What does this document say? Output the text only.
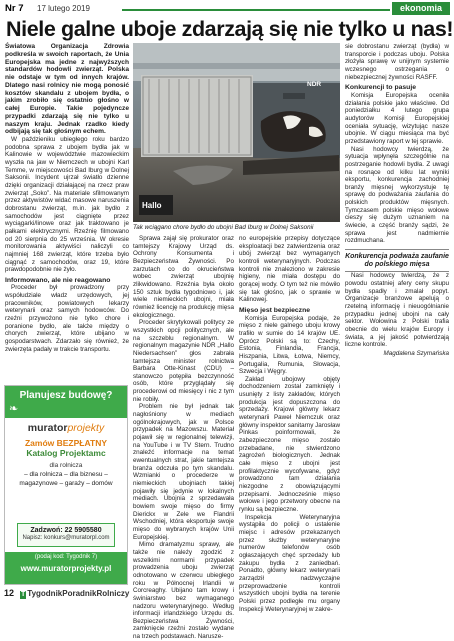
Nr 7 17 lutego 2019	ekonomia
Niele galne uboje zdarzają się nie tylko u nas!

Światowa Organizacja Zdrowia podkreśla w swoich raportach, że Unia Europejska ma jedne z najwyższych standardów hodowli zwierząt. Polska nie odstaje w tym od innych krajów. Dlatego nasi rolnicy nie mogą ponosić kosztów skandalu z ubojem bydła, o jakim zrobiło się ostatnio głośno w całej Europie. Takie pojedyncze przypadki zdarzają się nie tylko u naszym kraju. Jednak rzadko kiedy odbijają się tak głośnym echem.

W paździeniku ubiegłego roku bardzo podobna sprawa z ubojem bydła jak w Kalinowie w województwie mazowieckim wyszła na jaw w Niemczech w ubojni Karl Temme, w miejscowości Bad Iburg w Dolnej Saksonii. Incydent ujrzał światło dzienne dzięki organizacji działającej na rzecz praw zwierząt „Soko”. Na materiale sfilmowanym przez aktywistów widać masowe naruszenia dobrostanu zwierząt, m.in. jak bydło z samochodów jest ciągnięte przez wyciągarki/linowe oraz jak traktowano je pałkami elektrycznymi. Rzeźnię filmowano od 20 sierpnia do 25 września. W okresie monitorowania aktywiści naliczyli co najmniej 168 zwierząt, które trzeba było ciągnąć z samochodów, oraz 19, które prawdopodobnie nie żyło.

Informowano, ale nie reagowano

Proceder był prowadzony przy współudziale władz urzędowych, jej pracowników, powiatowych lekarzy weterynarii oraz samych hodowców. Do rzeźni przywożono nie tylko chore i poranione bydło, ale także między o chorych zwierząt, które ubijano w gospodarstwach. Zdarzało się również, że zwierzęta padały w trakcie transportu.

NDR
Hallo
Tak wciągano chore bydło do ubojni Bad Iburg w Dolnej Saksonii
Planujesz budowę?
❧
muratorprojekty
Zamów BEZPŁATNY
Katalog Projektamc
dla rolnicza
– dla rolnicza – dla biznesu – magazynowe – garaży – domów
Zadzwoń: 22 5905580
Napisz: konkurs@muratorpl.com
(podaj kod: Tygodnik 7)
www.muratorprojekty.pl

Sprawa zajął się prokurator oraz tamtejszy Krajowy Urząd ds. Ochrony Konsumenta i Bezpieczeństwa Żywności. Po zarzutach co do okrucieństwa wobec zwierząt ubojnię zlikwidowano. Rzeźnia była około 150 sztuk bydła tygodniowo i, jak wiele niemieckich ubojni, miała również licencję na produkcję mięsa ekologicznego.

Proceder skrytykowali politycy ze wszystkich opcji politycznych, ale na szczeblu regionalnym. W regionalnym magazynie NDR „Hallo Niedersachsen” głos zabrała tamtejsza minister rolnictwa Barbara Otte-Kinast (CDU) – stanowczo potępiła bezczynność osób, które przyglądały się procederowi od miesięcy i nic z tym nie robiły.

Problem nie był jednak tak nagłośniony w mediach ogólnokrajowych, jak w Polsce przypadek na Mazowszu. Materiał pojawił się w regionalnej telewizji, na YouTube i w TV Stern. Trudno znaleźć informacje na temat ewentualnych strat, jakie tamtejsza branża odczuła po tym skandalu. Wzmianki o procederze w niemieckich ubojniach takiej pojawiły się jedynie w lokalnych mediach. Ubojnia z sprzedawała bowiem swoje mięso do firmy Dierickx w Zele we Flandrii Wschodniej, która eksportuje swoje mięso do wybranych krajów Unii Europejskiej.

Mimo dramatyzmu sprawy, ale także nie należy zgodzić z wszelkimi normami przypadek prowadzenia uboju zwierząt odnotowano w czerwcu ubiegłego roku w Północnej Irlandii w Corcreaghy. Ubijano tam krowy i świniarstwo bez wymaganego nadzoru weterynaryjnego. Według informacji irlandzkiego Urzędu ds. Bezpieczeństwa Żywności, zamknięcie rzeźni zostało wydane na trzech podstawach. Narusze-

no europejskie przepisy dotyczące eksploatacji bez zatwierdzenia oraz ubój zwierząt bez wymaganych kontroli weterynaryjnych. Podczas kontroli nie znaleziono w zakresie higieny, nie miała dostępu do gorącej wody. O tym też nie mówiło się tak głośno, jak o sprawie w Kalinowej.

Mięso jest bezpieczne

Komisja Europejska podaje, że mięso z niele galnego uboju krowy trafiło w sumie do 14 krajów UE. Oprócz Polski są to: Czechy, Estonia, Finlandia, Francja, Hiszpania, Litwa, Łotwa, Niemcy, Portugalia, Rumunia, Słowacja, Szwecja i Węgry.

Zakład ubojowy objęty dochodzeniem został zamknięty i usunięty z listy zakładów, których produkcja jest dopuszczona do sprzedaży. Krajowi główny lekarz weterynarii Paweł Niemczuk oraz główny inspektor sanitarny Jarosław Pinkas poinformowali, że zabezpieczone mięso zostało przebadane, nie stwierdzono zagrożeń biologicznych. Jednak całe mięso z ubojni jest profilaktycznie wycofywane, gdyż prowadzono tam działania niezgodne z obowiązującymi przepisami. Jednocześnie mięso wołowe i jego przetwory obecne na rynku są bezpieczne.

Inspekcja Weterynaryjna wystąpiła do policji o ustalenie miejsc i adresów przekazanych przez służby weterynaryjne numerów telefonów osób ogłaszających chęć sprzedaży lub zakupu bydła z zaniedbań. Ponadto, główny lekarz weterynarii zarządził nadzwyczajne przeprowadzenie kontroli wszystkich ubojni bydła na terenie Polski przez podległe mu organy Inspekcji Weterynaryjnej w zakre-

sie dobrostanu zwierząt (bydła) w transporcie i podczas uboju. Polska złożyła sprawę w unijnym systemie wczesnego ostrzegania o niebezpiecznej żywności RASFF.

Konkurencji to pasuje

Komisja Europejska oceniła działania polskie jako właściwe. Od poniedziałku 4 lutego grupa audytorów Komisji Europejskiej oceniała sytuację, wizytując nasze ubojnie. W ciągu miesiąca ma być przedstawiony raport w tej sprawie.

Nasi hodowcy twierdzą, że sytuacja wpłynęła szczególnie na postrzeganie hodowli bydła. Z uwagi na rosnące od kilku lat wyniki eksportu, konkurencja zachodniej branży mięsnej wykorzystuje tę sprawę do podważania zaufania do polskich produktów mięsnych. Tymczasem polskie mięso wołowe cieszy się dużym uznaniem na świecie, a część branży sądzi, że sprawa jest nadmiernie rozdmuchana.

Konkurencja podważa zaufanie do polskiego mięsa

Nasi hodowcy twierdzą, że z powodu ostatniej afery ceny skupu bydła spadły i zmalał popyt. Organizacje branżowe apelują o rzetelną informację i nieuogólnianie przypadku jednej ubojni na cały sektor. Wołowina z Polski trafia obecnie do wielu krajów Europy i świata, a jej jakość potwierdzają liczne kontrole.

Magdalena Szymańska

12 T TygodnikPoradnikRolniczy
